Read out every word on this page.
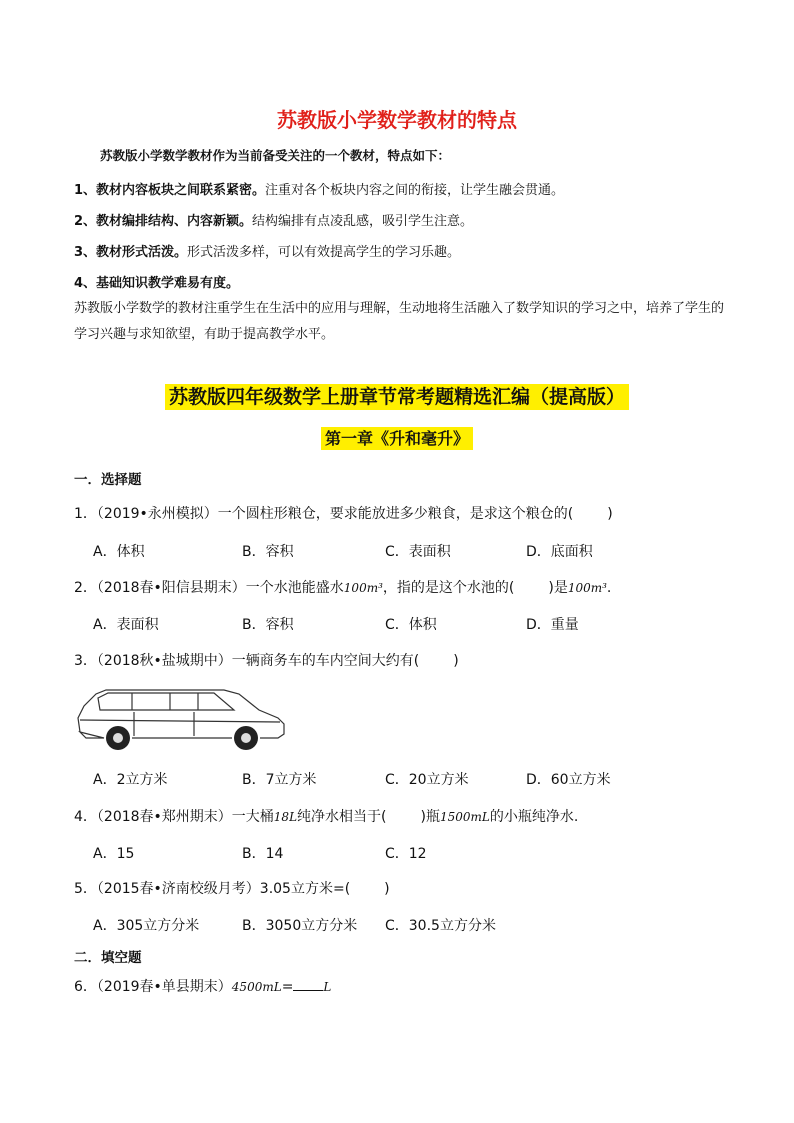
苏教版小学数学教材的特点
苏教版小学数学教材作为当前备受关注的一个教材，特点如下：
1、教材内容板块之间联系紧密。注重对各个板块内容之间的衔接，让学生融会贯通。
2、教材编排结构、内容新颖。结构编排有点凌乱感，吸引学生注意。
3、教材形式活泼。形式活泼多样，可以有效提高学生的学习乐趣。
4、基础知识教学难易有度。
苏教版小学数学的教材注重学生在生活中的应用与理解，生动地将生活融入了数学知识的学习之中，培养了学生的学习兴趣与求知欲望，有助于提高教学水平。
苏教版四年级数学上册章节常考题精选汇编（提高版）
第一章《升和毫升》
一．选择题
1．（2019•永州模拟）一个圆柱形粮仓，要求能放进多少粮食，是求这个粮仓的( )
A．体积	B．容积	C．表面积	D．底面积
2．（2018春•阳信县期末）一个水池能盛水100m³，指的是这个水池的( )是100m³.
A．表面积	B．容积	C．体积	D．重量
3．（2018秋•盐城期中）一辆商务车的车内空间大约有( )
A．2立方米	B．7立方米	C．20立方米	D．60立方米
4．（2018春•郑州期末）一大桶18L纯净水相当于( )瓶1500mL的小瓶纯净水.
A．15	B．14	C．12
5．（2015春•济南校级月考）3.05立方米=( )
A．305立方分米	B．3050立方分米 C．30.5立方分米
二．填空题
6．（2019春•单县期末）4500mL=	L
